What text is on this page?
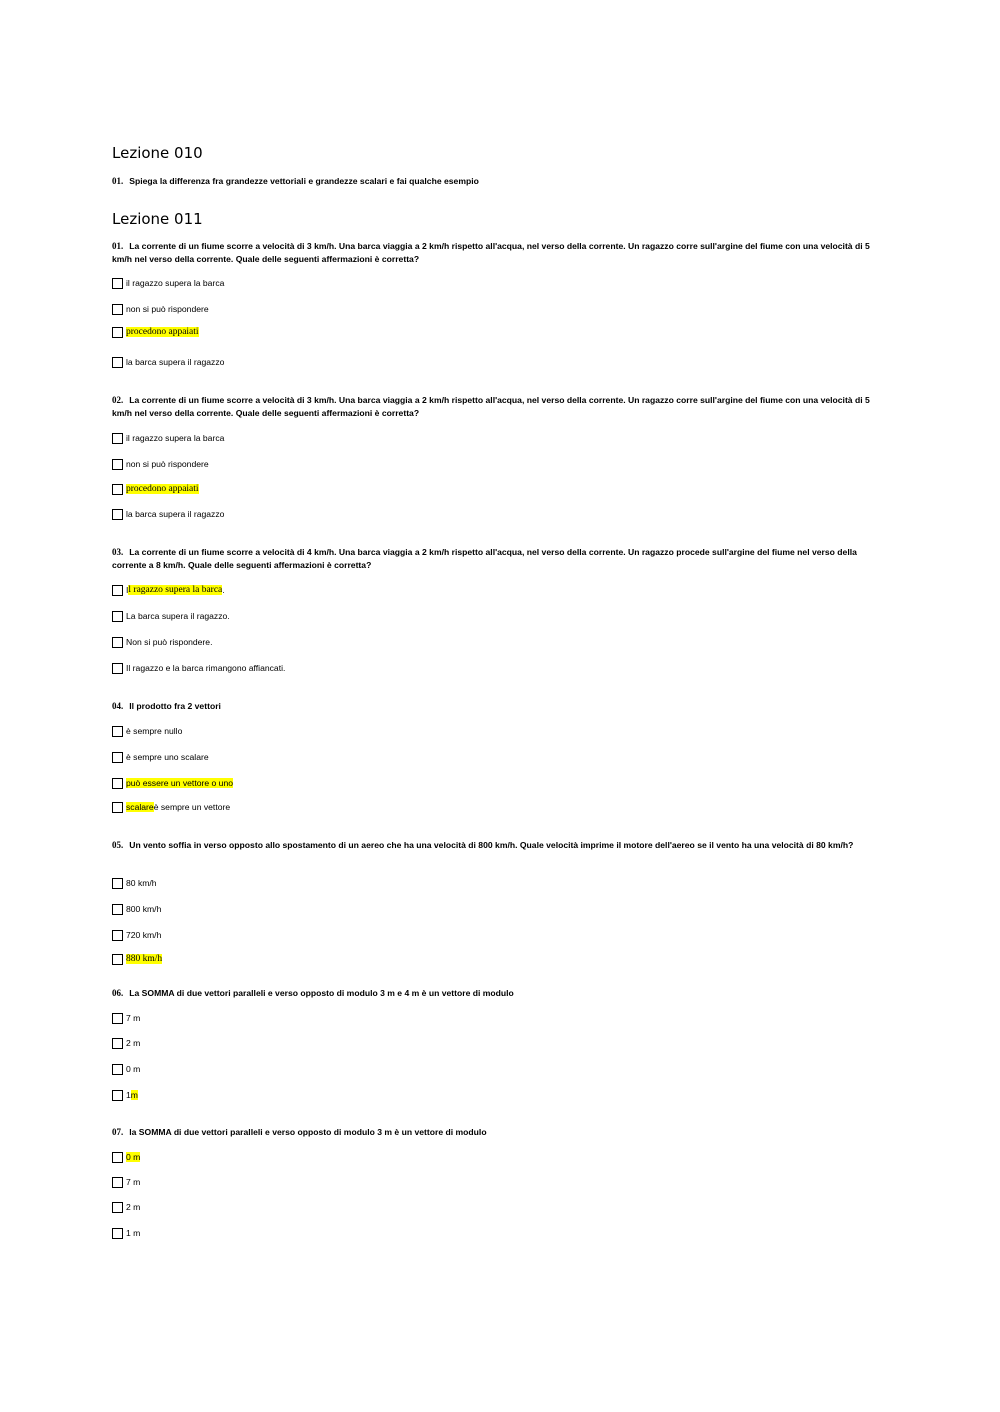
Lezione 010
01. Spiega la differenza fra grandezze vettoriali e grandezze scalari e fai qualche esempio
Lezione 011
01. La corrente di un fiume scorre a velocità di 3 km/h. Una barca viaggia a 2 km/h rispetto all'acqua, nel verso della corrente. Un ragazzo corre sull'argine del fiume con una velocità di 5 km/h nel verso della corrente. Quale delle seguenti affermazioni è corretta?
il ragazzo supera la barca
non si può rispondere
procedono appaiati
la barca supera il ragazzo
02. La corrente di un fiume scorre a velocità di 3 km/h. Una barca viaggia a 2 km/h rispetto all'acqua, nel verso della corrente. Un ragazzo corre sull'argine del fiume con una velocità di 5 km/h nel verso della corrente. Quale delle seguenti affermazioni è corretta?
il ragazzo supera la barca
non si può rispondere
procedono appaiati
la barca supera il ragazzo
03. La corrente di un fiume scorre a velocità di 4 km/h. Una barca viaggia a 2 km/h rispetto all'acqua, nel verso della corrente. Un ragazzo procede sull'argine del fiume nel verso della corrente a 8 km/h. Quale delle seguenti affermazioni è corretta?
I l ragazzo supera la barca .
La barca supera il ragazzo.
Non si può rispondere.
Il ragazzo e la barca rimangono affiancati.
04. Il prodotto fra 2 vettori
è sempre nullo
è sempre uno scalare
può essere un vettore o uno
scalare è sempre un vettore
05. Un vento soffia in verso opposto allo spostamento di un aereo che ha una velocità di 800 km/h. Quale velocità imprime il motore dell'aereo se il vento ha una velocità di 80 km/h?
80 km/h
800 km/h
720 km/h
880 km/h
06. La SOMMA di due vettori paralleli e verso opposto di modulo 3 m e 4 m è un vettore di modulo
7 m
2 m
0 m
1 m
07. la SOMMA di due vettori paralleli e verso opposto di modulo 3 m è un vettore di modulo
0 m
7 m
2 m
1 m
